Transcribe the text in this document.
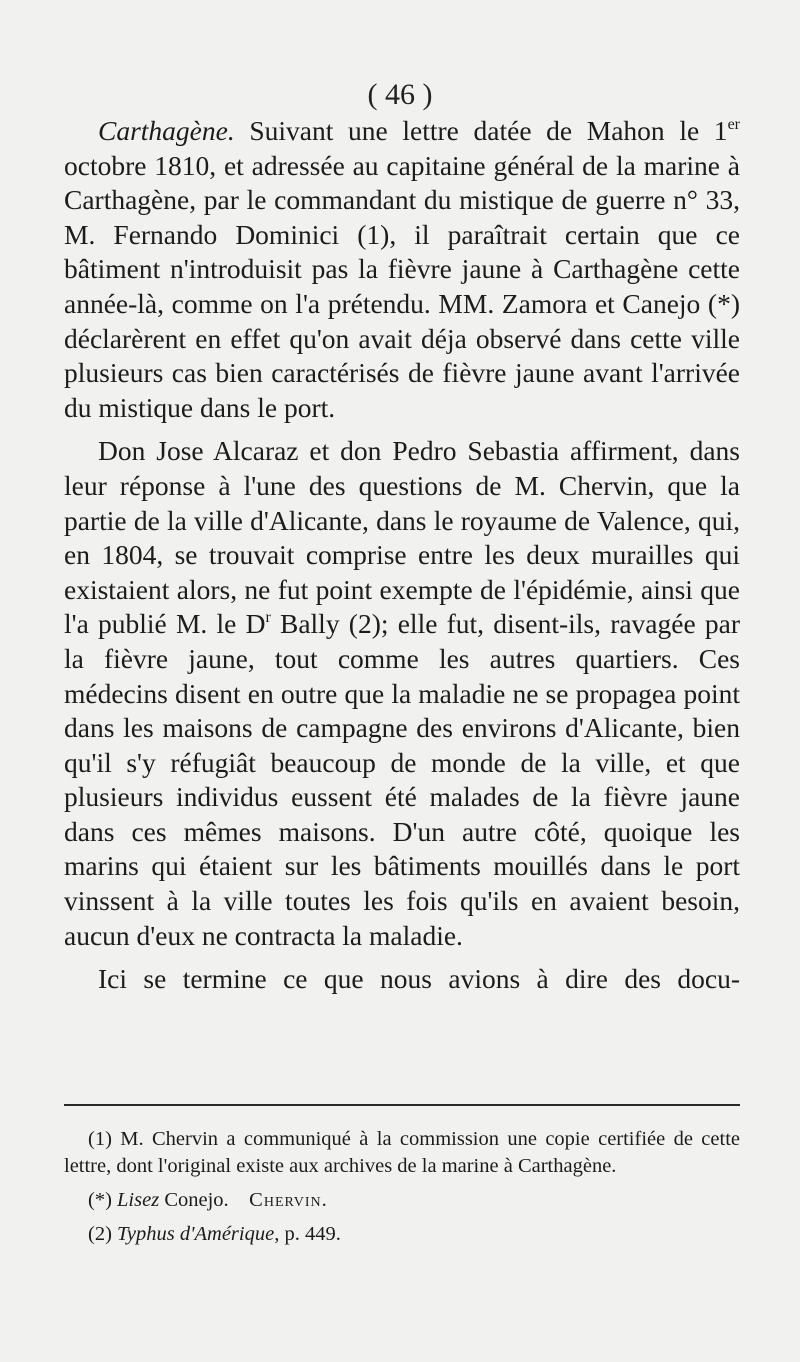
( 46 )

Carthagène. Suivant une lettre datée de Mahon le 1er octobre 1810, et adressée au capitaine général de la marine à Carthagène, par le commandant du mistique de guerre n° 33, M. Fernando Dominici (1), il paraîtrait certain que ce bâtiment n'introduisit pas la fièvre jaune à Carthagène cette année-là, comme on l'a prétendu. MM. Zamora et Canejo (*) déclarèrent en effet qu'on avait déja observé dans cette ville plusieurs cas bien caractérisés de fièvre jaune avant l'arrivée du mistique dans le port.

Don Jose Alcaraz et don Pedro Sebastia affirment, dans leur réponse à l'une des questions de M. Chervin, que la partie de la ville d'Alicante, dans le royaume de Valence, qui, en 1804, se trouvait comprise entre les deux murailles qui existaient alors, ne fut point exempte de l'épidémie, ainsi que l'a publié M. le $D^r$ Bally (2); elle fut, disent-ils, ravagée par la fièvre jaune, tout comme les autres quartiers. Ces médecins disent en outre que la maladie ne se propagea point dans les maisons de campagne des environs d'Alicante, bien qu'il s'y réfugiât beaucoup de monde de la ville, et que plusieurs individus eussent été malades de la fièvre jaune dans ces mêmes maisons. D'un autre côté, quoique les marins qui étaient sur les bâtiments mouillés dans le port vinssent à la ville toutes les fois qu'ils en avaient besoin, aucun d'eux ne contracta la maladie.

Ici se termine ce que nous avions à dire des docu-

(1) M. Chervin a communiqué à la commission une copie certifiée de cette lettre, dont l'original existe aux archives de la marine à Carthagène.

(*) Lisez Conejo. Chervin.

(2) Typhus d'Amérique, p. 449.
